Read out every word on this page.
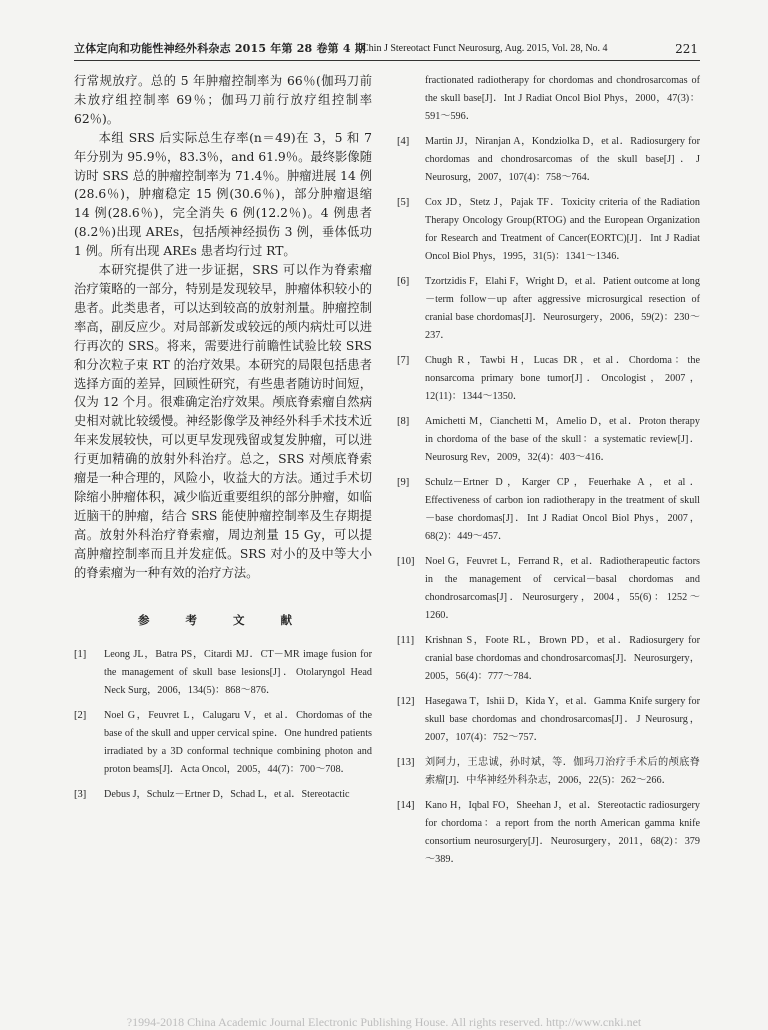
立体定向和功能性神经外科杂志 2015 年第 28 卷第 4 期
Chin J Stereotact Funct Neurosurg, Aug. 2015, Vol. 28, No. 4	221

行常规放疗。总的 5 年肿瘤控制率为 66％(伽玛刀前未放疗组控制率 69％；伽玛刀前行放疗组控制率 62％)。

本组 SRS 后实际总生存率(n＝49)在 3，5 和 7 年分别为 95.9％，83.3％，and 61.9％。最终影像随访时 SRS 总的肿瘤控制率为 71.4％。肿瘤进展 14 例(28.6％)，肿瘤稳定 15 例(30.6％)，部分肿瘤退缩 14 例(28.6％)，完全消失 6 例(12.2％)。4 例患者(8.2％)出现 AREs，包括颅神经损伤 3 例，垂体低功 1 例。所有出现 AREs 患者均行过 RT。

本研究提供了进一步证据，SRS 可以作为脊索瘤治疗策略的一部分，特别是发现较早，肿瘤体积较小的患者。此类患者，可以达到较高的放射剂量。肿瘤控制率高，副反应少。对局部新发或较远的颅内病灶可以进行再次的 SRS。将来，需要进行前瞻性试验比较 SRS 和分次粒子束 RT 的治疗效果。本研究的局限包括患者选择方面的差异，回顾性研究，有些患者随访时间短，仅为 12 个月。很难确定治疗效果。颅底脊索瘤自然病史相对就比较缓慢。神经影像学及神经外科手术技术近年来发展较快，可以更早发现残留或复发肿瘤，可以进行更加精确的放射外科治疗。总之，SRS 对颅底脊索瘤是一种合理的，风险小，收益大的方法。通过手术切除缩小肿瘤体积，减少临近重要组织的部分肿瘤，如临近脑干的肿瘤，结合 SRS 能使肿瘤控制率及生存期提高。放射外科治疗脊索瘤，周边剂量 15 Gy，可以提高肿瘤控制率而且并发症低。SRS 对小的及中等大小的脊索瘤为一种有效的治疗方法。

参 考 文 献
[1]	Leong JL，Batra PS，Citardi MJ．CT－MR image fusion for the management of skull base lesions[J]．Otolaryngol Head Neck Surg，2006，134(5)：868～876．
[2]	Noel G，Feuvret L，Calugaru V，et al．Chordomas of the base of the skull and upper cervical spine．One hundred patients irradiated by a 3D conformal technique combining photon and proton beams[J]．Acta Oncol，2005，44(7)：700～708．
[3]	Debus J，Schulz－Ertner D，Schad L，et al．Stereotactic
fractionated radiotherapy for chordomas and chondrosarcomas of the skull base[J]．Int J Radiat Oncol Biol Phys，2000，47(3)：591～596．
[4]	Martin JJ，Niranjan A，Kondziolka D，et al．Radiosurgery for chordomas and chondrosarcomas of the skull base[J]．J Neurosurg，2007，107(4)：758～764．
[5]	Cox JD，Stetz J，Pajak TF．Toxicity criteria of the Radiation Therapy Oncology Group(RTOG) and the European Organization for Research and Treatment of Cancer(EORTC)[J]．Int J Radiat Oncol Biol Phys，1995，31(5)：1341～1346．
[6]	Tzortzidis F，Elahi F，Wright D，et al．Patient outcome at long－term follow－up after aggressive microsurgical resection of cranial base chordomas[J]．Neurosurgery，2006，59(2)：230～237．
[7]	Chugh R，Tawbi H，Lucas DR，et al．Chordoma：the nonsarcoma primary bone tumor[J]．Oncologist，2007，12(11)：1344～1350．
[8]	Amichetti M，Cianchetti M，Amelio D，et al．Proton therapy in chordoma of the base of the skull：a systematic review[J]．Neurosurg Rev，2009，32(4)：403～416．
[9]	Schulz－Ertner D，Karger CP，Feuerhake A，et al．Effectiveness of carbon ion radiotherapy in the treatment of skull－base chordomas[J]．Int J Radiat Oncol Biol Phys，2007，68(2)：449～457．
[10]	Noel G，Feuvret L，Ferrand R，et al．Radiotherapeutic factors in the management of cervical－basal chordomas and chondrosarcomas[J]．Neurosurgery，2004，55(6)：1252～1260．
[11]	Krishnan S，Foote RL，Brown PD，et al．Radiosurgery for cranial base chordomas and chondrosarcomas[J]．Neurosurgery，2005，56(4)：777～784．
[12]	Hasegawa T，Ishii D，Kida Y，et al．Gamma Knife surgery for skull base chordomas and chondrosarcomas[J]．J Neurosurg，2007，107(4)：752～757．
[13]	刘阿力，王忠诚，孙时斌，等．伽玛刀治疗手术后的颅底脊索瘤[J]．中华神经外科杂志，2006，22(5)：262～266．
[14]	Kano H，Iqbal FO，Sheehan J，et al．Stereotactic radiosurgery for chordoma：a report from the north American gamma knife consortium neurosurgery[J]．Neurosurgery，2011，68(2)：379～389．
?1994-2018 China Academic Journal Electronic Publishing House. All rights reserved. http://www.cnki.net
